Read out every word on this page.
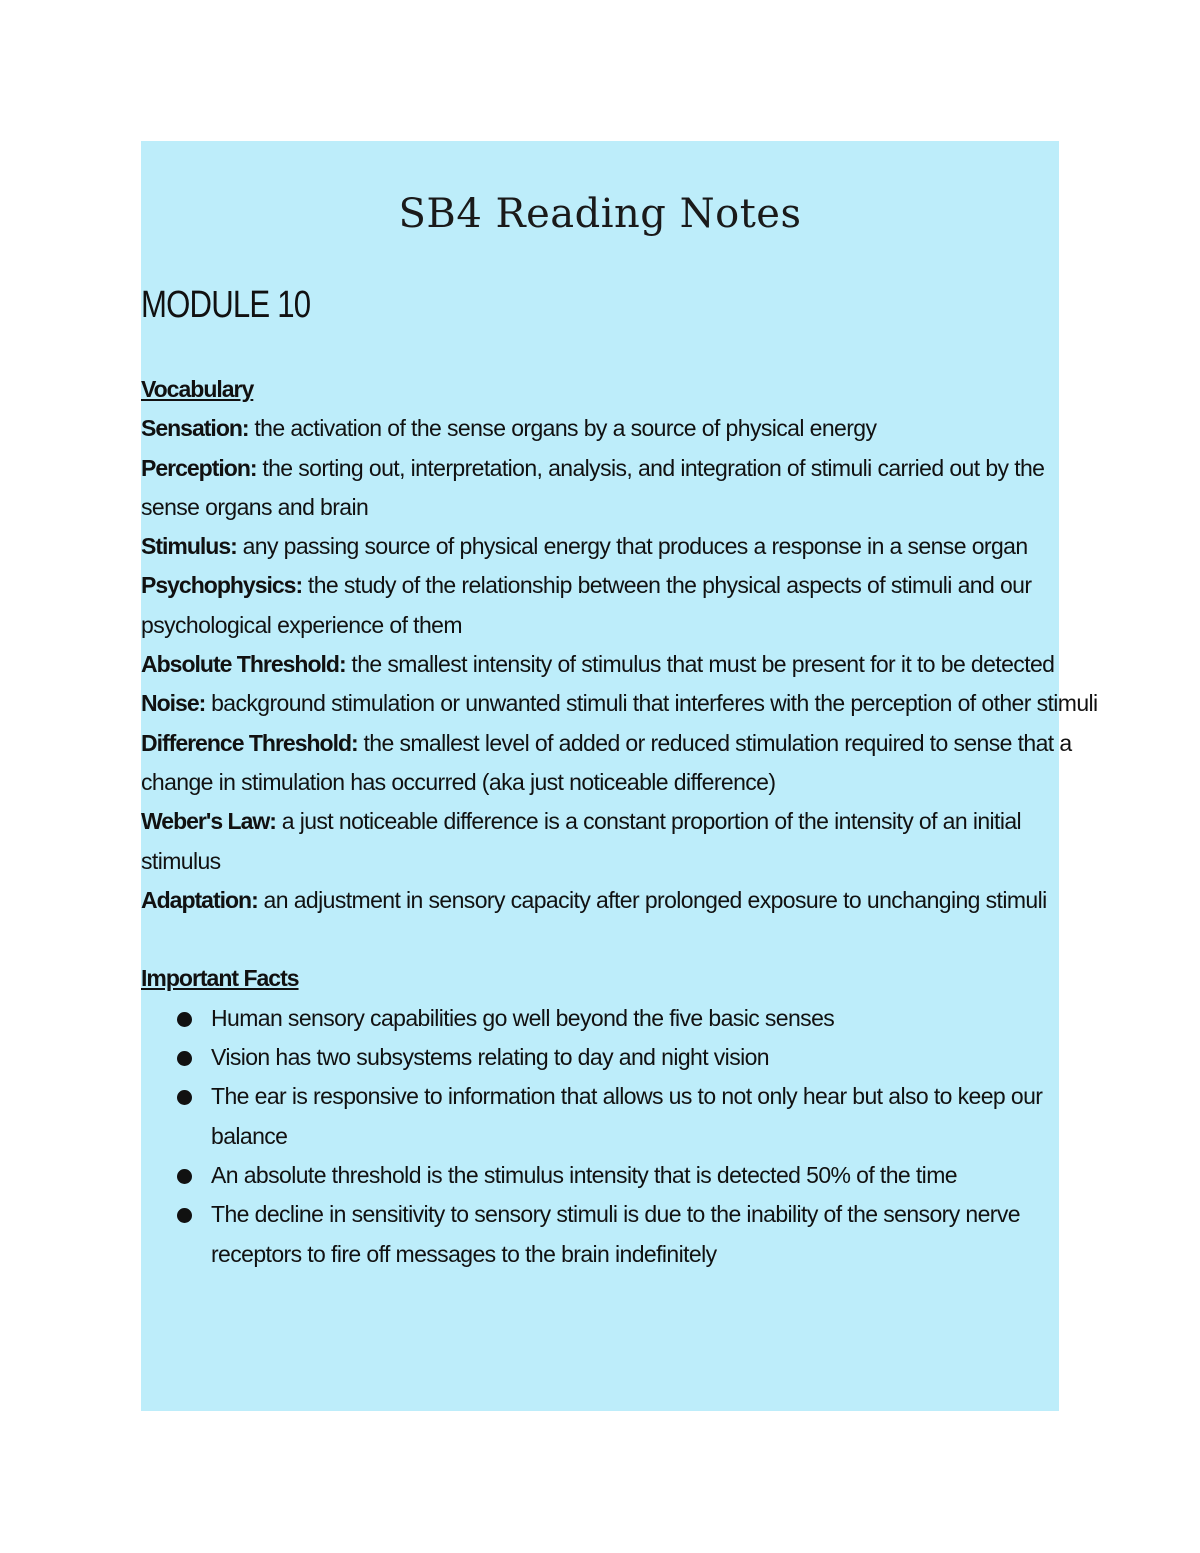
SB4 Reading Notes
MODULE 10
Vocabulary
Sensation: the activation of the sense organs by a source of physical energy
Perception: the sorting out, interpretation, analysis, and integration of stimuli carried out by the
sense organs and brain
Stimulus: any passing source of physical energy that produces a response in a sense organ
Psychophysics: the study of the relationship between the physical aspects of stimuli and our
psychological experience of them
Absolute Threshold: the smallest intensity of stimulus that must be present for it to be detected
Noise: background stimulation or unwanted stimuli that interferes with the perception of other stimuli
Difference Threshold: the smallest level of added or reduced stimulation required to sense that a
change in stimulation has occurred (aka just noticeable difference)
Weber's Law: a just noticeable difference is a constant proportion of the intensity of an initial
stimulus
Adaptation: an adjustment in sensory capacity after prolonged exposure to unchanging stimuli
Important Facts
Human sensory capabilities go well beyond the five basic senses
Vision has two subsystems relating to day and night vision
The ear is responsive to information that allows us to not only hear but also to keep our
balance
An absolute threshold is the stimulus intensity that is detected 50% of the time
The decline in sensitivity to sensory stimuli is due to the inability of the sensory nerve
receptors to fire off messages to the brain indefinitely
